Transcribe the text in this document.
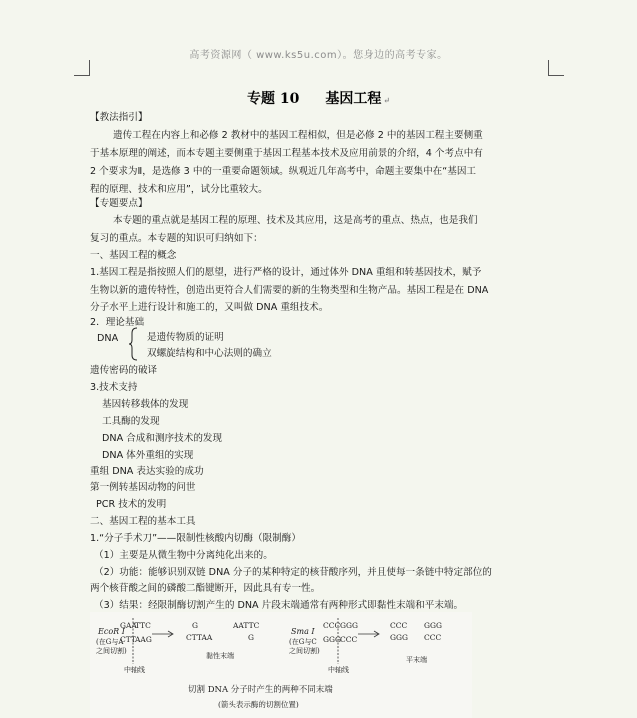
高考资源网（ www.ks5u.com）。您身边的高考专家。
专题 10 基因工程 ↵
【教法指引】
遗传工程在内容上和必修 2 教材中的基因工程相似，但是必修 2 中的基因工程主要侧重
于基本原理的阐述，而本专题主要侧重于基因工程基本技术及应用前景的介绍，4 个考点中有
2 个要求为Ⅱ，是选修 3 中的一重要命题领域。纵观近几年高考中，命题主要集中在“基因工
程的原理、技术和应用”，试分比重较大。
【专题要点】
本专题的重点就是基因工程的原理、技术及其应用，这是高考的重点、热点，也是我们
复习的重点。本专题的知识可归纳如下：
一、基因工程的概念
1.基因工程是指按照人们的愿望，进行严格的设计，通过体外 DNA 重组和转基因技术，赋予
生物以新的遗传特性，创造出更符合人们需要的新的生物类型和生物产品。基因工程是在 DNA
分子水平上进行设计和施工的，又叫做 DNA 重组技术。
2．理论基础
DNA	是遗传物质的证明
双螺旋结构和中心法则的确立
遗传密码的破译
3.技术支持
基因转移载体的发现
工具酶的发现
DNA 合成和测序技术的发现
DNA 体外重组的实现
重组 DNA 表达实验的成功
第一例转基因动物的问世
PCR 技术的发明
二、基因工程的基本工具
1.“分子手术刀”——限制性核酸内切酶（限制酶）
（1）主要是从微生物中分离纯化出来的。
（2）功能：能够识别双链 DNA 分子的某种特定的核苷酸序列，并且使每一条链中特定部位的
两个核苷酸之间的磷酸二酯键断开，因此具有专一性。
（3）结果：经限制酶切割产生的 DNA 片段末端通常有两种形式即黏性末端和平末端。
EcoR I
(在G与A
之间切割)
GAA
TTC
CTT AAG
中轴线
G
CTTAA
AATTC
G
黏性末端
Sma I
(在G与C
之间切割)
CCC GGG
GGG CCC
中轴线
CCC
GGG
GGG
CCC
平末端
切割 DNA 分子时产生的两种不同末端
(箭头表示酶的切割位置)
